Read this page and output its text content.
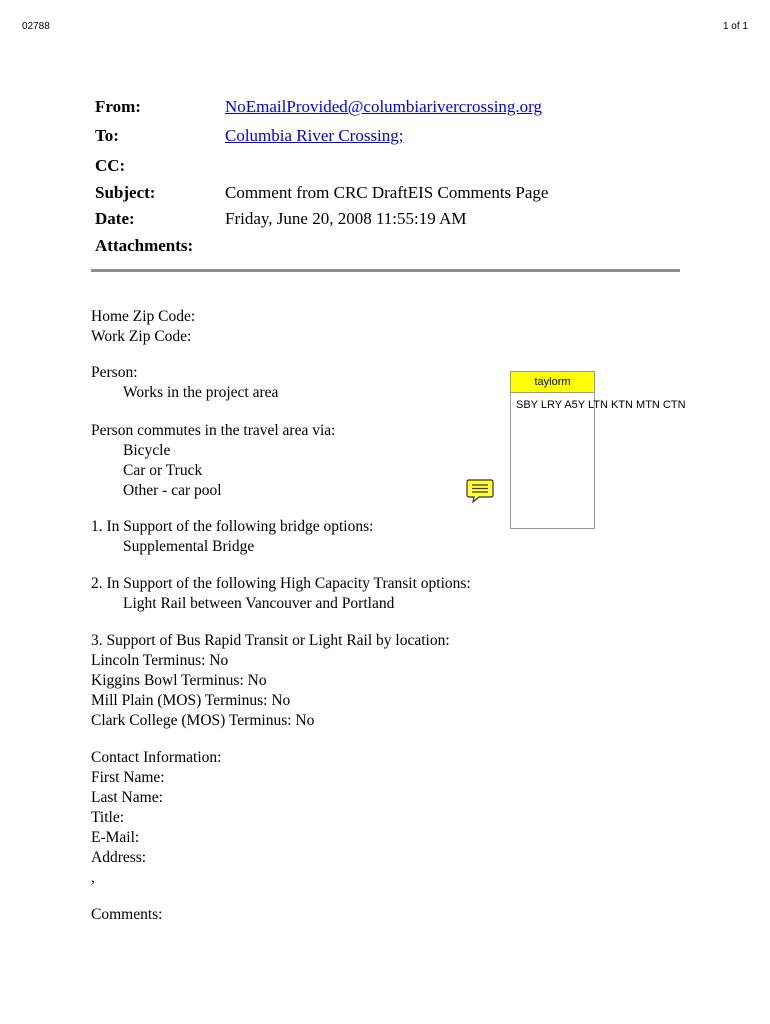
02788	1 of 1
From:	NoEmailProvided@columbiarivercrossing.org
To:	Columbia River Crossing;
CC:
Subject:	Comment from CRC DraftEIS Comments Page
Date:	Friday, June 20, 2008 11:55:19 AM
Attachments:
Home Zip Code:
Work Zip Code:
Person:
Works in the project area
Person commutes in the travel area via:
Bicycle
Car or Truck
Other - car pool
1. In Support of the following bridge options:
Supplemental Bridge
2. In Support of the following High Capacity Transit options:
Light Rail between Vancouver and Portland
3. Support of Bus Rapid Transit or Light Rail by location:
Lincoln Terminus: No
Kiggins Bowl Terminus: No
Mill Plain (MOS) Terminus: No
Clark College (MOS) Terminus: No
Contact Information:
First Name:
Last Name:
Title:
E-Mail:
Address:
,
Comments:
taylorm
SBY LRY A5Y LTN KTN MTN CTN
